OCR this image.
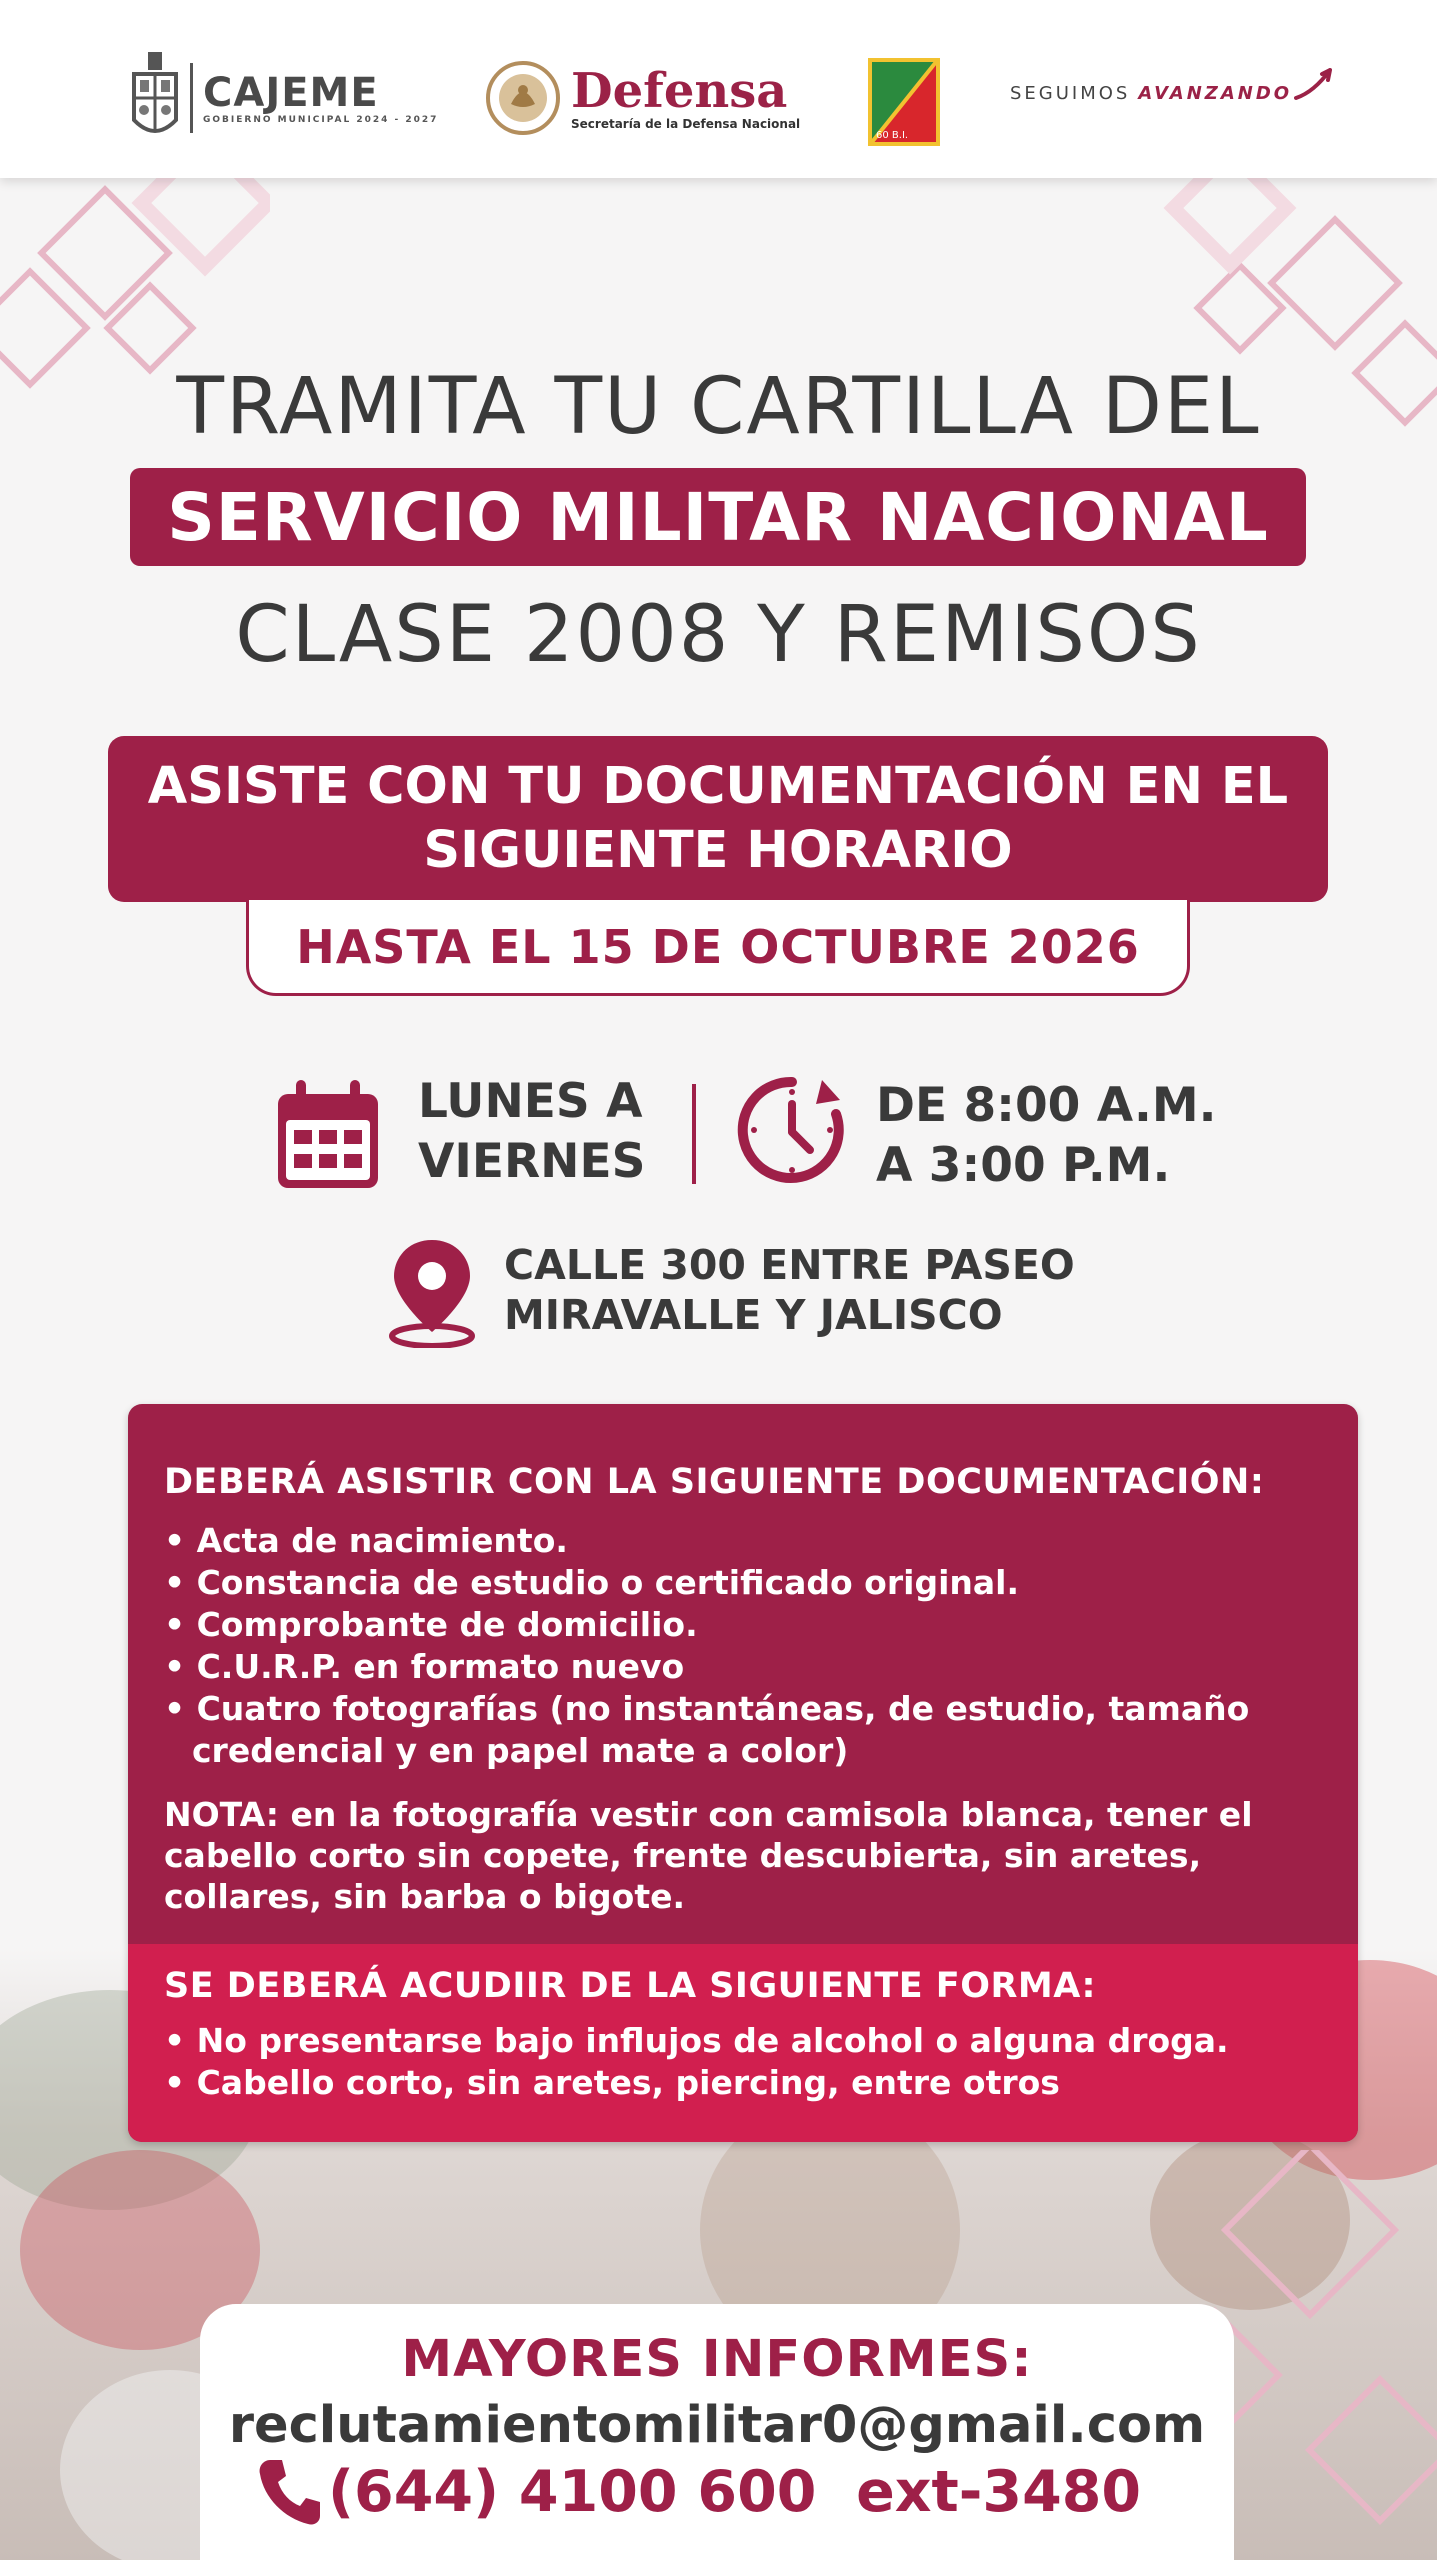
CAJEME
GOBIERNO MUNICIPAL 2024 - 2027
Defensa
Secretaría de la Defensa Nacional
60 B.I.
SEGUIMOS AVANZANDO
TRAMITA TU CARTILLA DEL
SERVICIO MILITAR NACIONAL
CLASE 2008 Y REMISOS
ASISTE CON TU DOCUMENTACIÓN EN EL
SIGUIENTE HORARIO
HASTA EL 15 DE OCTUBRE 2026
LUNES A
VIERNES
DE 8:00 A.M.
A 3:00 P.M.
CALLE 300 ENTRE PASEO
MIRAVALLE Y JALISCO
DEBERÁ ASISTIR CON LA SIGUIENTE DOCUMENTACIÓN:
• Acta de nacimiento.
• Constancia de estudio o certificado original.
• Comprobante de domicilio.
• C.U.R.P. en formato nuevo
• Cuatro fotografías (no instantáneas, de estudio, tamaño credencial y en papel mate a color)
NOTA: en la fotografía vestir con camisola blanca, tener el cabello corto sin copete, frente descubierta, sin aretes, collares, sin barba o bigote.
SE DEBERÁ ACUDIIR DE LA SIGUIENTE FORMA:
• No presentarse bajo influjos de alcohol o alguna droga.
• Cabello corto, sin aretes, piercing, entre otros
MAYORES INFORMES:
reclutamientomilitar0@gmail.com
(644) 4100 600  ext-3480
